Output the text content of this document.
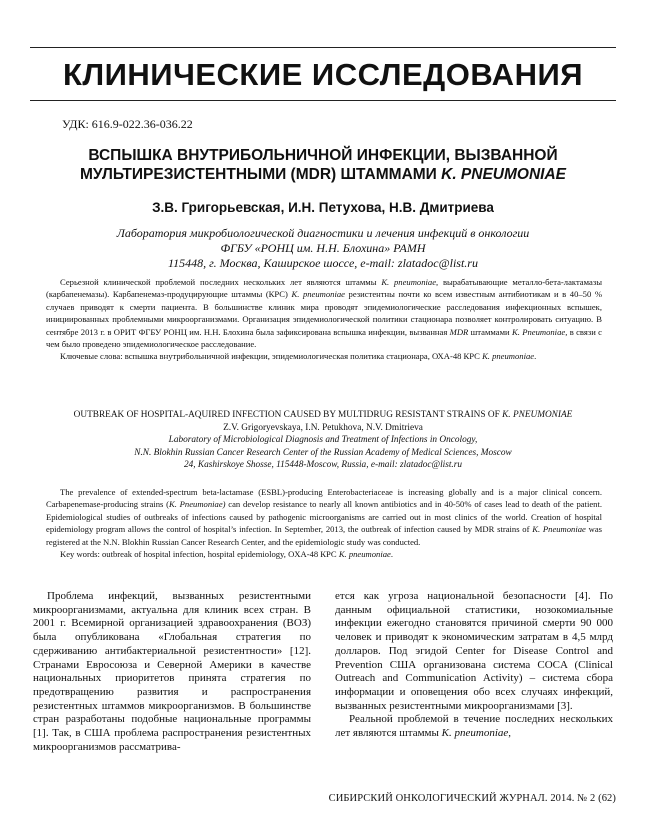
КЛИНИЧЕСКИЕ ИССЛЕДОВАНИЯ
УДК: 616.9-022.36-036.22
ВСПЫШКА ВНУТРИБОЛЬНИЧНОЙ ИНФЕКЦИИ, ВЫЗВАННОЙ
МУЛЬТИРЕЗИСТЕНТНЫМИ (MDR) ШТАММАМИ K. PNEUMONIAE
З.В. Григорьевская, И.Н. Петухова, Н.В. Дмитриева
Лаборатория микробиологической диагностики и лечения инфекций в онкологии
ФГБУ «РОНЦ им. Н.Н. Блохина» РАМН
115448, г. Москва, Каширское шоссе, e-mail: zlatadoc@list.ru

Серьезной клинической проблемой последних нескольких лет являются штаммы K. pneumoniae, вырабатывающие металло-бета-лактамазы (карбапенемазы). Карбапенемаз-продуцирующие штаммы (КРС) K. pneumoniae резистентны почти ко всем известным антибиотикам и в 40–50 % случаев приводят к смерти пациента. В большинстве клиник мира проводят эпидемиологические расследования инфекционных вспышек, инициированных проблемными микроорганизмами. Организация эпидемиологической политики стационара позволяет контролировать ситуацию. В сентябре 2013 г. в ОРИТ ФГБУ РОНЦ им. Н.Н. Блохина была зафиксирована вспышка инфекции, вызванная MDR штаммами K. Pneumoniae, в связи с чем было проведено эпидемиологическое расследование.

Ключевые слова: вспышка внутрибольничной инфекции, эпидемиологическая политика стационара, ОХА-48 КРС K. pneumoniae.

OUTBREAK OF HOSPITAL-AQUIRED INFECTION CAUSED BY MULTIDRUG RESISTANT STRAINS OF K. PNEUMONIAE
Z.V. Grigoryevskaya, I.N. Petukhova, N.V. Dmitrieva
Laboratory of Microbiological Diagnosis and Treatment of Infections in Oncology,
N.N. Blokhin Russian Cancer Research Center of the Russian Academy of Medical Sciences, Moscow
24, Kashirskoye Shosse, 115448-Moscow, Russia, e-mail: zlatadoc@list.ru

The prevalence of extended-spectrum beta-lactamase (ESBL)-producing Enterobacteriaceae is increasing globally and is a major clinical concern. Carbapenemase-producing strains (K. Pneumoniae) can develop resistance to nearly all known antibiotics and in 40-50% of cases lead to death of the patient. Epidemiological studies of outbreaks of infections caused by pathogenic microorganisms are carried out in most clinics of the world. Creation of hospital epidemiology program allows the control of hospital’s infection. In September, 2013, the outbreak of infection caused by MDR strains of K. Pneumoniae was registered at the N.N. Blokhin Russian Cancer Research Center, and the epidemiologic study was conducted.

Key words: outbreak of hospital infection, hospital epidemiology, OXA-48 КРС K. pneumoniae.

Проблема инфекций, вызванных резистентными микроорганизмами, актуальна для клиник всех стран. В 2001 г. Всемирной организацией здравоохранения (ВОЗ) была опубликована «Глобальная стратегия по сдерживанию антибактериальной резистентности» [12]. Странами Евросоюза и Северной Америки в качестве национальных приоритетов принята стратегия по предотвращению развития и распространения резистентных штаммов микроорганизмов. В большинстве стран разработаны подобные национальные программы [1]. Так, в США проблема распространения резистентных микроорганизмов рассматрива-

ется как угроза национальной безопасности [4]. По данным официальной статистики, нозокомиальные инфекции ежегодно становятся причиной смерти 90 000 человек и приводят к экономическим затратам в 4,5 млрд долларов. Под эгидой Center for Disease Control and Prevention США организована система COCA (Clinical Outreach and Communication Activity) – система сбора информации и оповещения обо всех случаях инфекций, вызванных резистентными микроорганизмами [3].

Реальной проблемой в течение последних нескольких лет являются штаммы K. pneumoniae,

СИБИРСКИЙ ОНКОЛОГИЧЕСКИЙ ЖУРНАЛ. 2014. № 2 (62)
